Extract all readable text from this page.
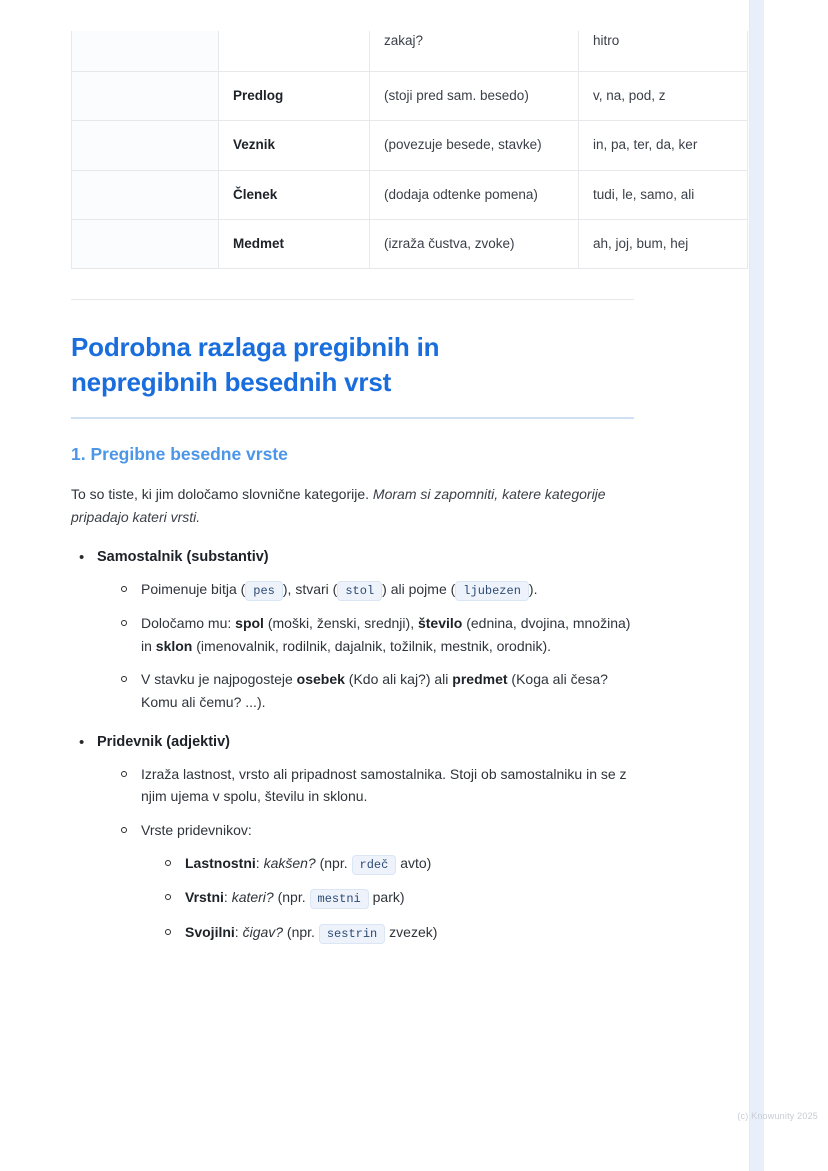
		zakaj?	hitro
	Predlog	(stoji pred sam. besedo)	v, na, pod, z
	Veznik	(povezuje besede, stavke)	in, pa, ter, da, ker
	Členek	(dodaja odtenke pomena)	tudi, le, samo, ali
	Medmet	(izraža čustva, zvoke)	ah, joj, bum, hej
Podrobna razlaga pregibnih in nepregibnih besednih vrst
1. Pregibne besedne vrste

To so tiste, ki jim določamo slovnične kategorije. Moram si zapomniti, katere kategorije pripadajo kateri vrsti.

• Samostalnik (substantiv)
Poimenuje bitja ( pes ), stvari ( stol ) ali pojme ( ljubezen ).
Določamo mu: spol (moški, ženski, srednji), število (ednina, dvojina, množina) in sklon (imenovalnik, rodilnik, dajalnik, tožilnik, mestnik, orodnik).
V stavku je najpogosteje osebek (Kdo ali kaj?) ali predmet (Koga ali česa? Komu ali čemu? ...).
• Pridevnik (adjektiv)
Izraža lastnost, vrsto ali pripadnost samostalnika. Stoji ob samostalniku in se z njim ujema v spolu, številu in sklonu.
Vrste pridevnikov:
Lastnostni: kakšen? (npr. rdeč avto)
Vrstni: kateri? (npr. mestni park)
Svojilni: čigav? (npr. sestrin zvezek)
(c) Knowunity 2025
